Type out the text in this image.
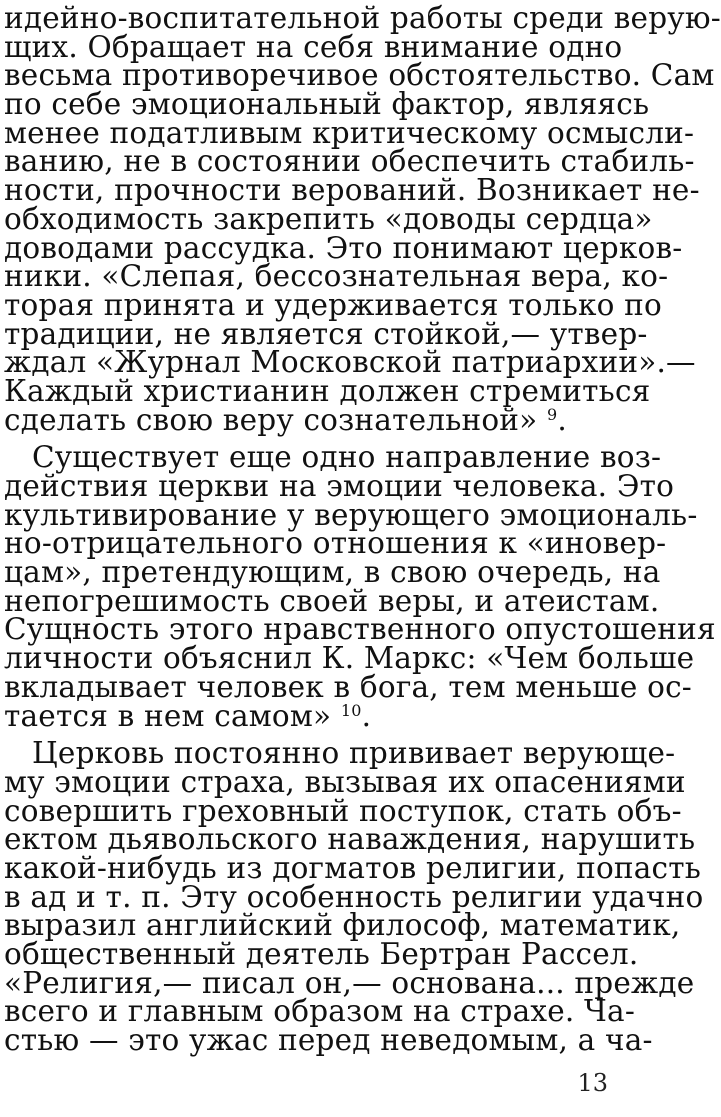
идейно-воспитательной работы среди верую-
щих. Обращает на себя внимание одно
весьма противоречивое обстоятельство. Сам
по себе эмоциональный фактор, являясь
менее податливым критическому осмысли-
ванию, не в состоянии обеспечить стабиль-
ности, прочности верований. Возникает не-
обходимость закрепить «доводы сердца»
доводами рассудка. Это понимают церков-
ники. «Слепая, бессознательная вера, ко-
торая принята и удерживается только по
традиции, не является стойкой,— утвер-
ждал «Журнал Московской патриархии».—
Каждый христианин должен стремиться
сделать свою веру сознательной» $^9$.
Существует еще одно направление воз-
действия церкви на эмоции человека. Это
культивирование у верующего эмоциональ-
но-отрицательного отношения к «иновер-
цам», претендующим, в свою очередь, на
непогрешимость своей веры, и атеистам.
Сущность этого нравственного опустошения
личности объяснил К. Маркс: «Чем больше
вкладывает человек в бога, тем меньше ос-
тается в нем самом» $^{10}$.
Церковь постоянно прививает верующе-
му эмоции страха, вызывая их опасениями
совершить греховный поступок, стать объ-
ектом дьявольского наваждения, нарушить
какой-нибудь из догматов религии, попасть
в ад и т. п. Эту особенность религии удачно
выразил английский философ, математик,
общественный деятель Бертран Рассел.
«Религия,— писал он,— основана... прежде
всего и главным образом на страхе. Ча-
стью — это ужас перед неведомым, а ча-
13
